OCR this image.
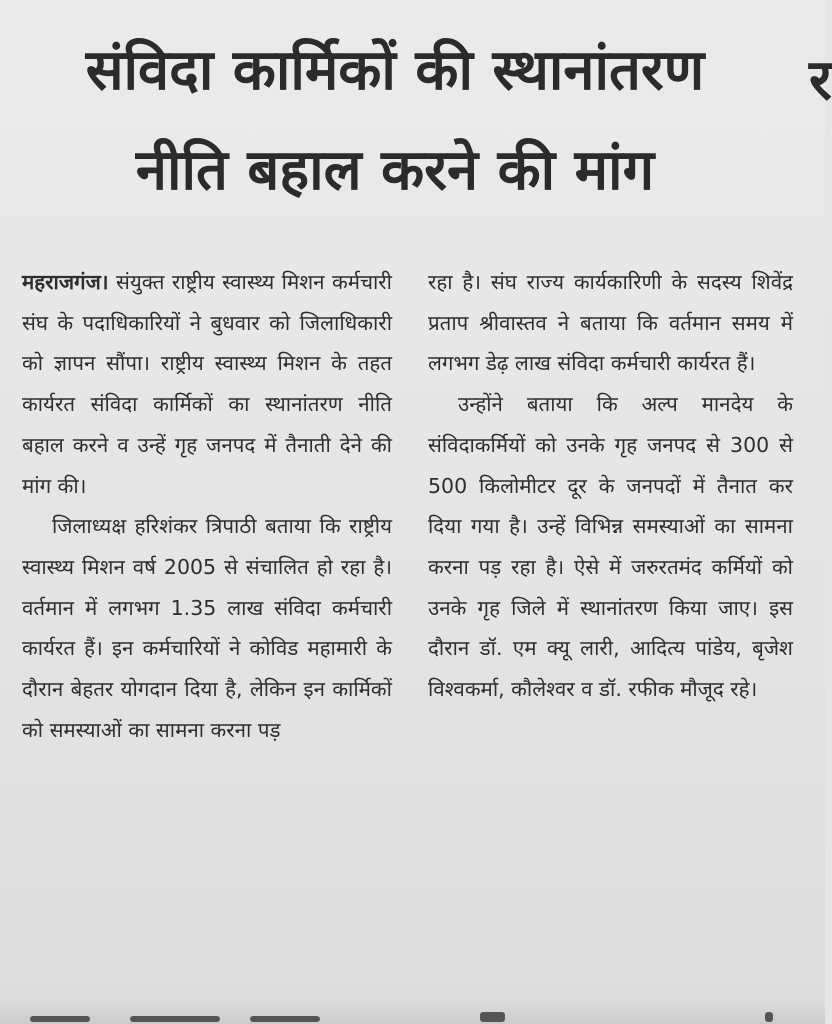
संविदा कार्मिकों की स्थानांतरण
नीति बहाल करने की मांग
र

महराजगंज। संयुक्त राष्ट्रीय स्वास्थ्य मिशन कर्मचारी संघ के पदाधिकारियों ने बुधवार को जिलाधिकारी को ज्ञापन सौंपा। राष्ट्रीय स्वास्थ्य मिशन के तहत कार्यरत संविदा कार्मिकों का स्थानांतरण नीति बहाल करने व उन्हें गृह जनपद में तैनाती देने की मांग की।

जिलाध्यक्ष हरिशंकर त्रिपाठी बताया कि राष्ट्रीय स्वास्थ्य मिशन वर्ष 2005 से संचालित हो रहा है। वर्तमान में लगभग 1.35 लाख संविदा कर्मचारी कार्यरत हैं। इन कर्मचारियों ने कोविड महामारी के दौरान बेहतर योगदान दिया है, लेकिन इन कार्मिकों को समस्याओं का सामना करना पड़

रहा है। संघ राज्य कार्यकारिणी के सदस्य शिवेंद्र प्रताप श्रीवास्तव ने बताया कि वर्तमान समय में लगभग डेढ़ लाख संविदा कर्मचारी कार्यरत हैं।

उन्होंने बताया कि अल्प मानदेय के संविदाकर्मियों को उनके गृह जनपद से 300 से 500 किलोमीटर दूर के जनपदों में तैनात कर दिया गया है। उन्हें विभिन्न समस्याओं का सामना करना पड़ रहा है। ऐसे में जरुरतमंद कर्मियों को उनके गृह जिले में स्थानांतरण किया जाए। इस दौरान डॉ. एम क्यू लारी, आदित्य पांडेय, बृजेश विश्वकर्मा, कौलेश्वर व डॉ. रफीक मौजूद रहे।
